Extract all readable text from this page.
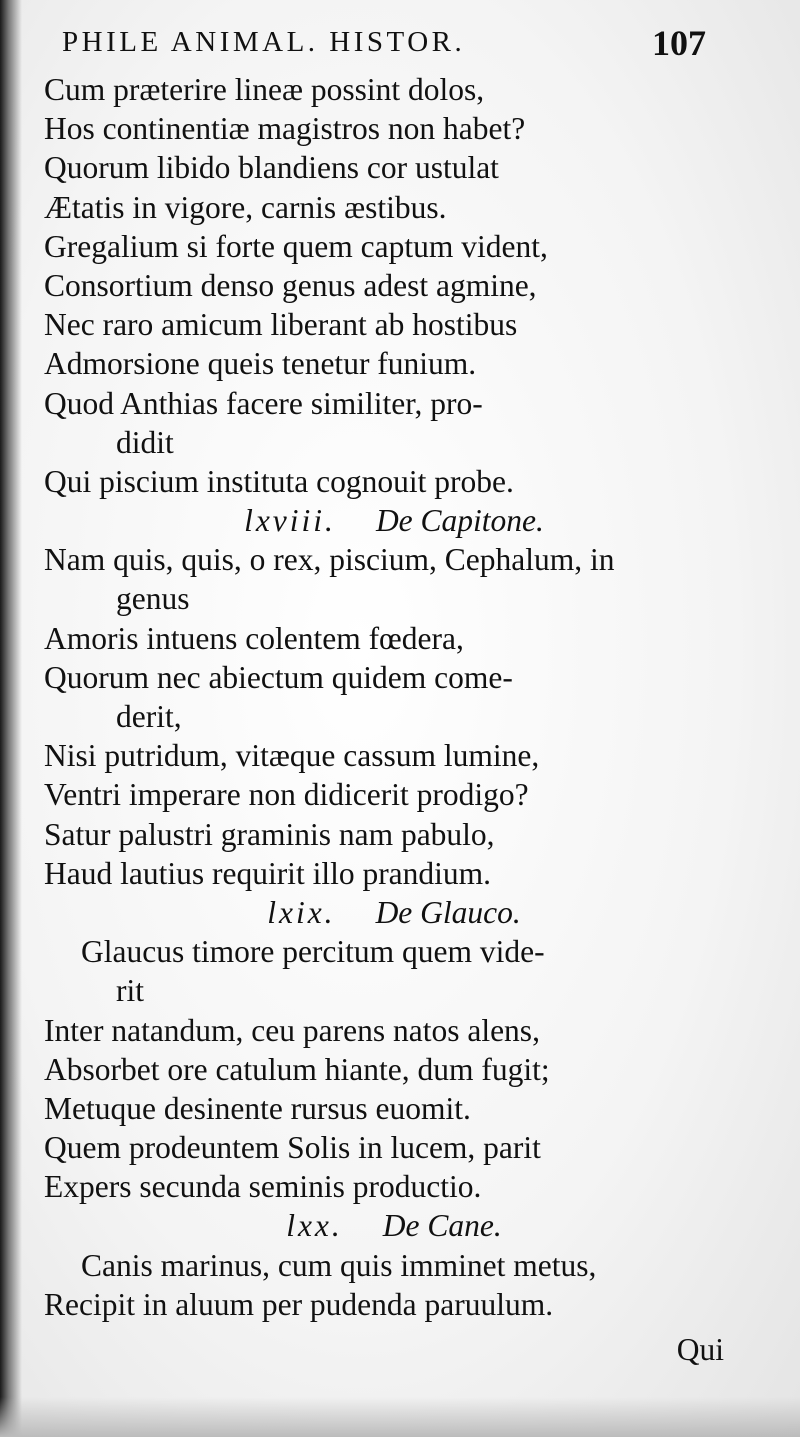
PHILE ANIMAL. HISTOR.	107
Cum præterire lineæ possint dolos,
Hos continentiæ magistros non habet?
Quorum libido blandiens cor ustulat
Ætatis in vigore, carnis æstibus.
Gregalium si forte quem captum vident,
Consortium denso genus adest agmine,
Nec raro amicum liberant ab hostibus
Admorsione queis tenetur funium.
Quod Anthias facere similiter, pro-
didit
Qui piscium instituta cognouit probe.
lxviii. De Capitone.
Nam quis, quis, o rex, piscium, Cephalum, in
genus
Amoris intuens colentem fœdera,
Quorum nec abiectum quidem come-
derit,
Nisi putridum, vitæque cassum lumine,
Ventri imperare non didicerit prodigo?
Satur palustri graminis nam pabulo,
Haud lautius requirit illo prandium.
lxix. De Glauco.
Glaucus timore percitum quem vide-
rit
Inter natandum, ceu parens natos alens,
Absorbet ore catulum hiante, dum fugit;
Metuque desinente rursus euomit.
Quem prodeuntem Solis in lucem, parit
Expers secunda seminis productio.
lxx. De Cane.
Canis marinus, cum quis imminet metus,
Recipit in aluum per pudenda paruulum.
Qui
